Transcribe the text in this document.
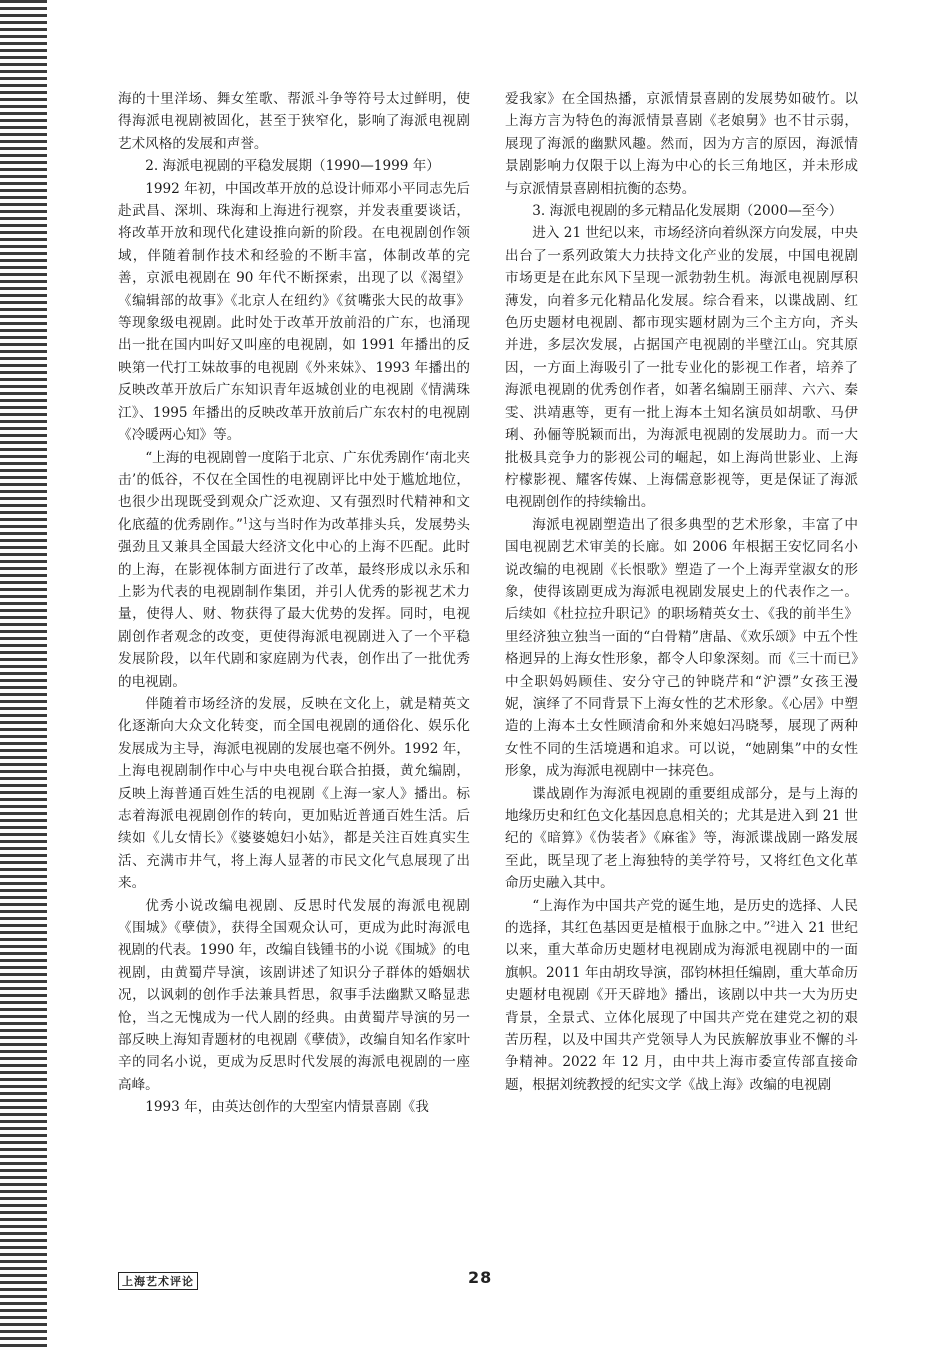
海的十里洋场、舞女笙歌、帮派斗争等符号太过鲜明，使得海派电视剧被固化，甚至于狭窄化，影响了海派电视剧艺术风格的发展和声誉。

2. 海派电视剧的平稳发展期（1990—1999 年）

1992 年初，中国改革开放的总设计师邓小平同志先后赴武昌、深圳、珠海和上海进行视察，并发表重要谈话，将改革开放和现代化建设推向新的阶段。在电视剧创作领域，伴随着制作技术和经验的不断丰富，体制改革的完善，京派电视剧在 90 年代不断探索，出现了以《渴望》《编辑部的故事》《北京人在纽约》《贫嘴张大民的故事》等现象级电视剧。此时处于改革开放前沿的广东，也涌现出一批在国内叫好又叫座的电视剧，如 1991 年播出的反映第一代打工妹故事的电视剧《外来妹》、1993 年播出的反映改革开放后广东知识青年返城创业的电视剧《情满珠江》、1995 年播出的反映改革开放前后广东农村的电视剧《冷暖两心知》等。

“上海的电视剧曾一度陷于北京、广东优秀剧作‘南北夹击’的低谷，不仅在全国性的电视剧评比中处于尴尬地位，也很少出现既受到观众广泛欢迎、又有强烈时代精神和文化底蕴的优秀剧作。”$^1$这与当时作为改革排头兵，发展势头强劲且又兼具全国最大经济文化中心的上海不匹配。此时的上海，在影视体制方面进行了改革，最终形成以永乐和上影为代表的电视剧制作集团，并引人优秀的影视艺术力量，使得人、财、物获得了最大优势的发挥。同时，电视剧创作者观念的改变，更使得海派电视剧进入了一个平稳发展阶段，以年代剧和家庭剧为代表，创作出了一批优秀的电视剧。

伴随着市场经济的发展，反映在文化上，就是精英文化逐渐向大众文化转变，而全国电视剧的通俗化、娱乐化发展成为主导，海派电视剧的发展也毫不例外。1992 年，上海电视剧制作中心与中央电视台联合拍摄，黄允编剧，反映上海普通百姓生活的电视剧《上海一家人》播出。标志着海派电视剧创作的转向，更加贴近普通百姓生活。后续如《儿女情长》《婆婆媳妇小姑》，都是关注百姓真实生活、充满市井气，将上海人显著的市民文化气息展现了出来。

优秀小说改编电视剧、反思时代发展的海派电视剧《围城》《孽债》，获得全国观众认可，更成为此时海派电视剧的代表。1990 年，改编自钱锺书的小说《围城》的电视剧，由黄蜀芹导演，该剧讲述了知识分子群体的婚姻状况，以讽刺的创作手法兼具哲思，叙事手法幽默又略显悲怆，当之无愧成为一代人剧的经典。由黄蜀芹导演的另一部反映上海知青题材的电视剧《孽债》，改编自知名作家叶辛的同名小说，更成为反思时代发展的海派电视剧的一座高峰。

1993 年，由英达创作的大型室内情景喜剧《我

爱我家》在全国热播，京派情景喜剧的发展势如破竹。以上海方言为特色的海派情景喜剧《老娘舅》也不甘示弱，展现了海派的幽默风趣。然而，因为方言的原因，海派情景剧影响力仅限于以上海为中心的长三角地区，并未形成与京派情景喜剧相抗衡的态势。

3. 海派电视剧的多元精品化发展期（2000—至今）

进入 21 世纪以来，市场经济向着纵深方向发展，中央出台了一系列政策大力扶持文化产业的发展，中国电视剧市场更是在此东风下呈现一派勃勃生机。海派电视剧厚积薄发，向着多元化精品化发展。综合看来，以谍战剧、红色历史题材电视剧、都市现实题材剧为三个主方向，齐头并进，多层次发展，占据国产电视剧的半壁江山。究其原因，一方面上海吸引了一批专业化的影视工作者，培养了海派电视剧的优秀创作者，如著名编剧王丽萍、六六、秦雯、洪靖惠等，更有一批上海本土知名演员如胡歌、马伊琍、孙俪等脱颖而出，为海派电视剧的发展助力。而一大批极具竞争力的影视公司的崛起，如上海尚世影业、上海柠檬影视、耀客传媒、上海儒意影视等，更是保证了海派电视剧创作的持续输出。

海派电视剧塑造出了很多典型的艺术形象，丰富了中国电视剧艺术审美的长廊。如 2006 年根据王安忆同名小说改编的电视剧《长恨歌》塑造了一个上海弄堂淑女的形象，使得该剧更成为海派电视剧发展史上的代表作之一。后续如《杜拉拉升职记》的职场精英女士、《我的前半生》里经济独立独当一面的“白骨精”唐晶、《欢乐颂》中五个性格迥异的上海女性形象，都令人印象深刻。而《三十而已》中全职妈妈顾佳、安分守己的钟晓芹和“沪漂”女孩王漫妮，演绎了不同背景下上海女性的艺术形象。《心居》中塑造的上海本土女性顾清俞和外来媳妇冯晓琴，展现了两种女性不同的生活境遇和追求。可以说，“她剧集”中的女性形象，成为海派电视剧中一抹亮色。

谍战剧作为海派电视剧的重要组成部分，是与上海的地缘历史和红色文化基因息息相关的；尤其是进入到 21 世纪的《暗算》《伪装者》《麻雀》等，海派谍战剧一路发展至此，既呈现了老上海独特的美学符号，又将红色文化革命历史融入其中。

“上海作为中国共产党的诞生地，是历史的选择、人民的选择，其红色基因更是植根于血脉之中。”$^2$进入 21 世纪以来，重大革命历史题材电视剧成为海派电视剧中的一面旗帜。2011 年由胡玫导演，邵钧林担任编剧，重大革命历史题材电视剧《开天辟地》播出，该剧以中共一大为历史背景，全景式、立体化展现了中国共产党在建党之初的艰苦历程，以及中国共产党领导人为民族解放事业不懈的斗争精神。2022 年 12 月，由中共上海市委宣传部直接命题，根据刘统教授的纪实文学《战上海》改编的电视剧

上海艺术评论	28
